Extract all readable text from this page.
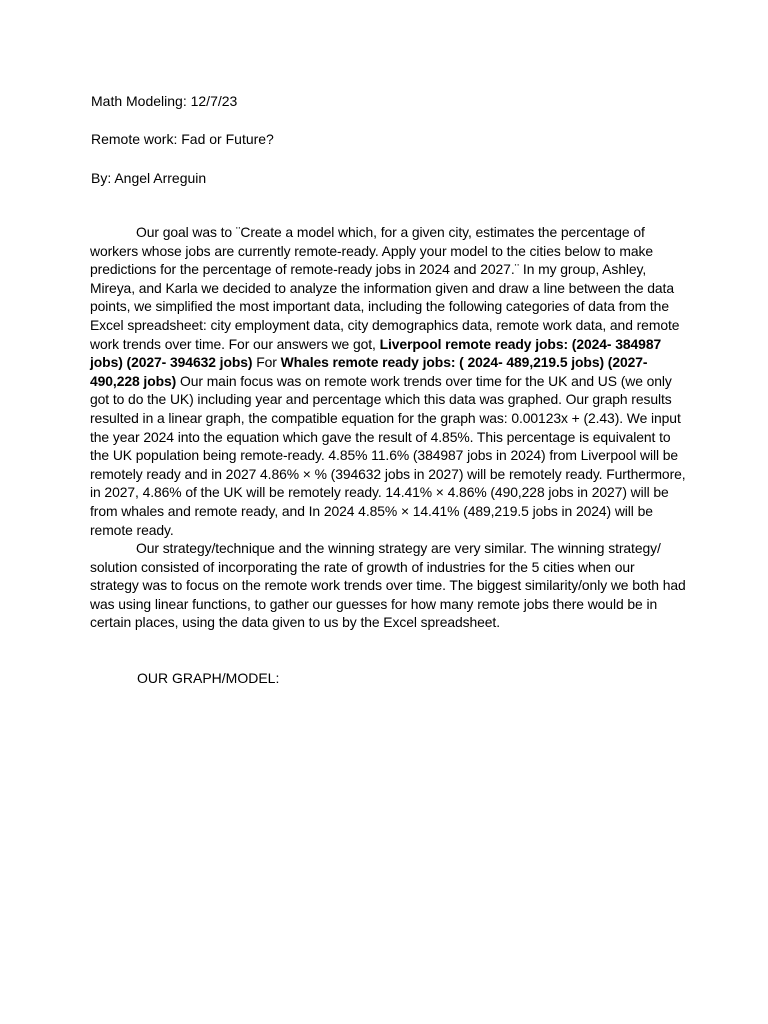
Math Modeling: 12/7/23

Remote work: Fad or Future?

By: Angel Arreguin

Our goal was to ¨Create a model which, for a given city, estimates the percentage of workers whose jobs are currently remote-ready. Apply your model to the cities below to make predictions for the percentage of remote-ready jobs in 2024 and 2027.¨ In my group, Ashley, Mireya, and Karla we decided to analyze the information given and draw a line between the data points, we simplified the most important data, including the following categories of data from the Excel spreadsheet: city employment data, city demographics data, remote work data, and remote work trends over time. For our answers we got, Liverpool remote ready jobs: (2024- 384987 jobs) (2027- 394632 jobs) For Whales remote ready jobs: ( 2024- 489,219.5 jobs) (2027- 490,228 jobs) Our main focus was on remote work trends over time for the UK and US (we only got to do the UK) including year and percentage which this data was graphed. Our graph results resulted in a linear graph, the compatible equation for the graph was: 0.00123x + (2.43). We input the year 2024 into the equation which gave the result of 4.85%. This percentage is equivalent to the UK population being remote-ready. 4.85% 11.6% (384987 jobs in 2024) from Liverpool will be remotely ready and in 2027 4.86% × % (394632 jobs in 2027) will be remotely ready. Furthermore, in 2027, 4.86% of the UK will be remotely ready. 14.41% × 4.86% (490,228 jobs in 2027) will be from whales and remote ready, and In 2024 4.85% × 14.41% (489,219.5 jobs in 2024) will be remote ready.

Our strategy/technique and the winning strategy are very similar. The winning strategy/ solution consisted of incorporating the rate of growth of industries for the 5 cities when our strategy was to focus on the remote work trends over time. The biggest similarity/only we both had was using linear functions, to gather our guesses for how many remote jobs there would be in certain places, using the data given to us by the Excel spreadsheet.

OUR GRAPH/MODEL:
